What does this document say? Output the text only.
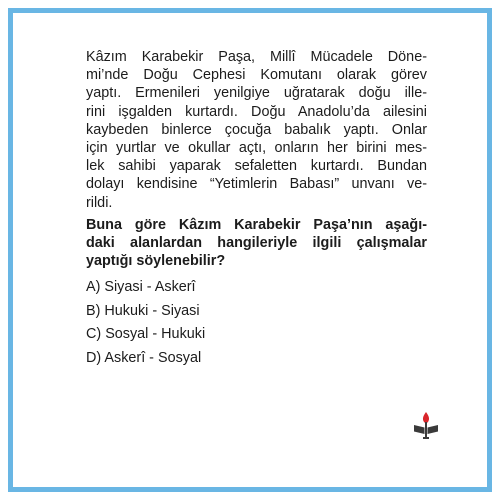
Kâzım Karabekir Paşa, Millî Mücadele Döne-
mi’nde Doğu Cephesi Komutanı olarak görev
yaptı. Ermenileri yenilgiye uğratarak doğu ille-
rini işgalden kurtardı. Doğu Anadolu’da ailesini
kaybeden binlerce çocuğa babalık yaptı. Onlar
için yurtlar ve okullar açtı, onların her birini mes-
lek sahibi yaparak sefaletten kurtardı. Bundan
dolayı kendisine “Yetimlerin Babası” unvanı ve-
rildi.

Buna göre Kâzım Karabekir Paşa’nın aşağı-
daki alanlardan hangileriyle ilgili çalışmalar
yaptığı söylenebilir?

A) Siyasi - Askerî
B) Hukuki - Siyasi
C) Sosyal - Hukuki
D) Askerî - Sosyal
